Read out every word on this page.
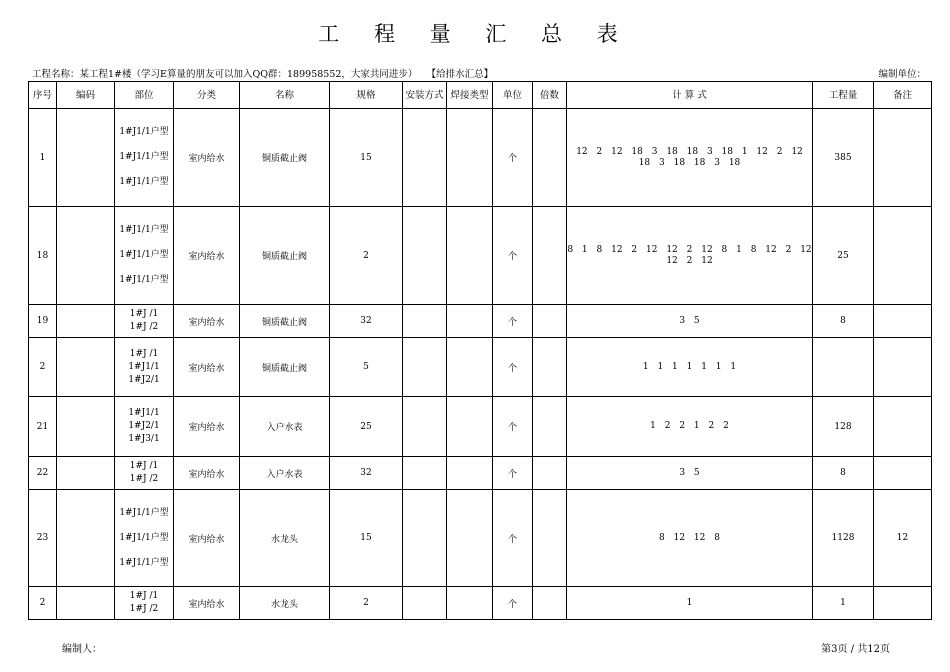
工 程 量 汇 总 表
工程名称：某工程1#楼（学习E算量的朋友可以加入QQ群：189958552，大家共同进步） 【给排水汇总】	编制单位：
序号	编码	部位	分类	名称	规格	安装方式	焊接类型	单位	倍数	计 算 式	工程量	备注
1		1#J1/1户型
1#J1/1户型
1#J1/1户型	室内给水	铜质截止阀	15			个		12 2 12 18 3 18 18 3 18 1 12 2 12 18 3 18 18 3 18	385	
18		1#J1/1户型
1#J1/1户型
1#J1/1户型	室内给水	铜质截止阀	2			个		8 1 8 12 2 12 12 2 12 8 1 8 12 2 12 12 2 12	25	
19		1#J /1
1#J /2	室内给水	铜质截止阀	32			个		3 5	8	
2		1#J /1
1#J1/1
1#J2/1	室内给水	铜质截止阀	5			个		1 1 1 1 1 1 1		
21		1#J1/1
1#J2/1
1#J3/1	室内给水	入户水表	25			个		1 2 2 1 2 2	128	
22		1#J /1
1#J /2	室内给水	入户水表	32			个		3 5	8	
23		1#J1/1户型
1#J1/1户型
1#J1/1户型	室内给水	水龙头	15			个		8 12 12 8	1128	12
2		1#J /1
1#J /2	室内给水	水龙头	2			个		1	1	
编制人：	第3页 / 共12页
